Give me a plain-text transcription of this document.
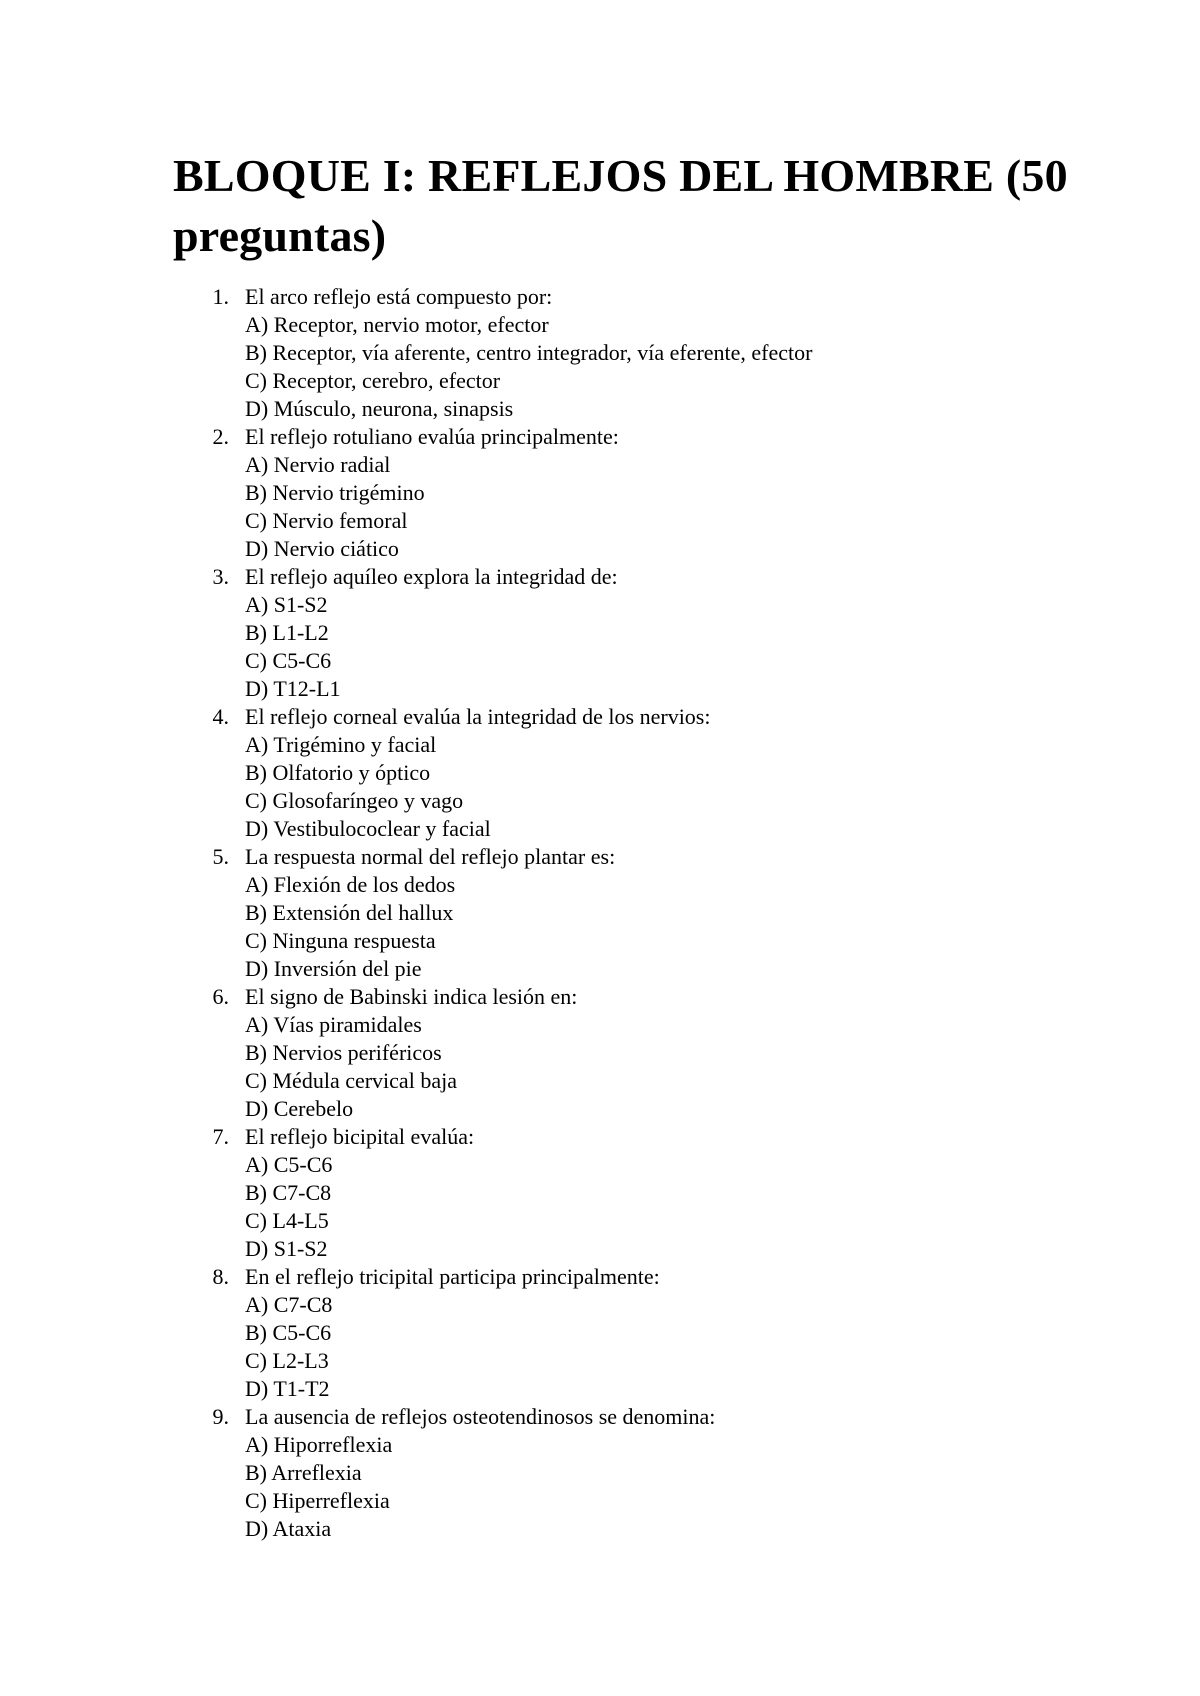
BLOQUE I: REFLEJOS DEL HOMBRE (50 preguntas)
1. El arco reflejo está compuesto por:
A) Receptor, nervio motor, efector
B) Receptor, vía aferente, centro integrador, vía eferente, efector
C) Receptor, cerebro, efector
D) Músculo, neurona, sinapsis
2. El reflejo rotuliano evalúa principalmente:
A) Nervio radial
B) Nervio trigémino
C) Nervio femoral
D) Nervio ciático
3. El reflejo aquíleo explora la integridad de:
A) S1-S2
B) L1-L2
C) C5-C6
D) T12-L1
4. El reflejo corneal evalúa la integridad de los nervios:
A) Trigémino y facial
B) Olfatorio y óptico
C) Glosofaríngeo y vago
D) Vestibulococlear y facial
5. La respuesta normal del reflejo plantar es:
A) Flexión de los dedos
B) Extensión del hallux
C) Ninguna respuesta
D) Inversión del pie
6. El signo de Babinski indica lesión en:
A) Vías piramidales
B) Nervios periféricos
C) Médula cervical baja
D) Cerebelo
7. El reflejo bicipital evalúa:
A) C5-C6
B) C7-C8
C) L4-L5
D) S1-S2
8. En el reflejo tricipital participa principalmente:
A) C7-C8
B) C5-C6
C) L2-L3
D) T1-T2
9. La ausencia de reflejos osteotendinosos se denomina:
A) Hiporreflexia
B) Arreflexia
C) Hiperreflexia
D) Ataxia
